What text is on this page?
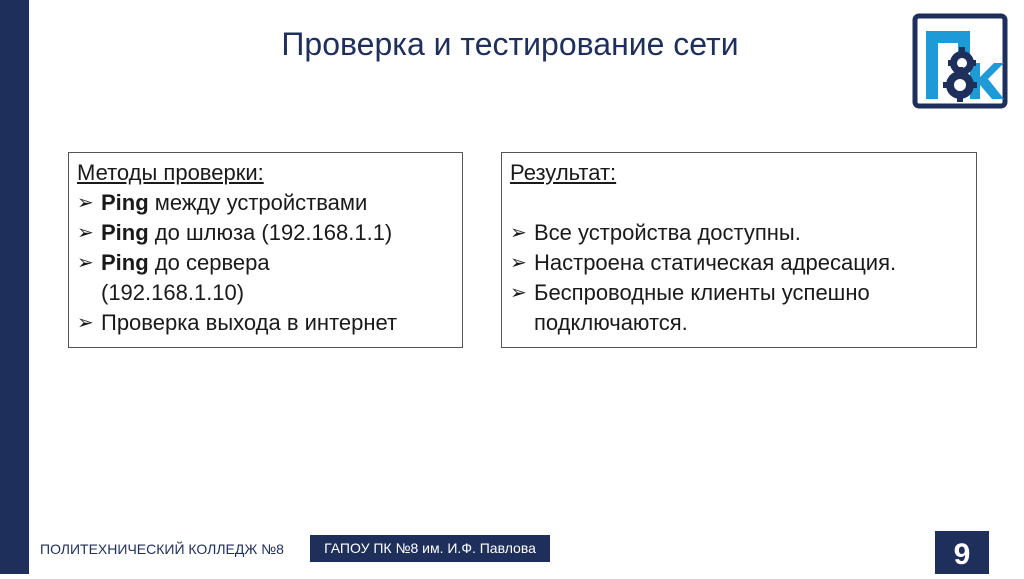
Проверка и тестирование сети
Методы проверки:
➢ Ping между устройствами
➢ Ping до шлюза (192.168.1.1)
➢ Ping до сервера
(192.168.1.10)
➢ Проверка выхода в интернет
Результат:
➢ Все устройства доступны.
➢ Настроена статическая адресация.
➢ Беспроводные клиенты успешно
подключаются.
ПОЛИТЕХНИЧЕСКИЙ КОЛЛЕДЖ №8	ГАПОУ ПК №8 им. И.Ф. Павлова	9
